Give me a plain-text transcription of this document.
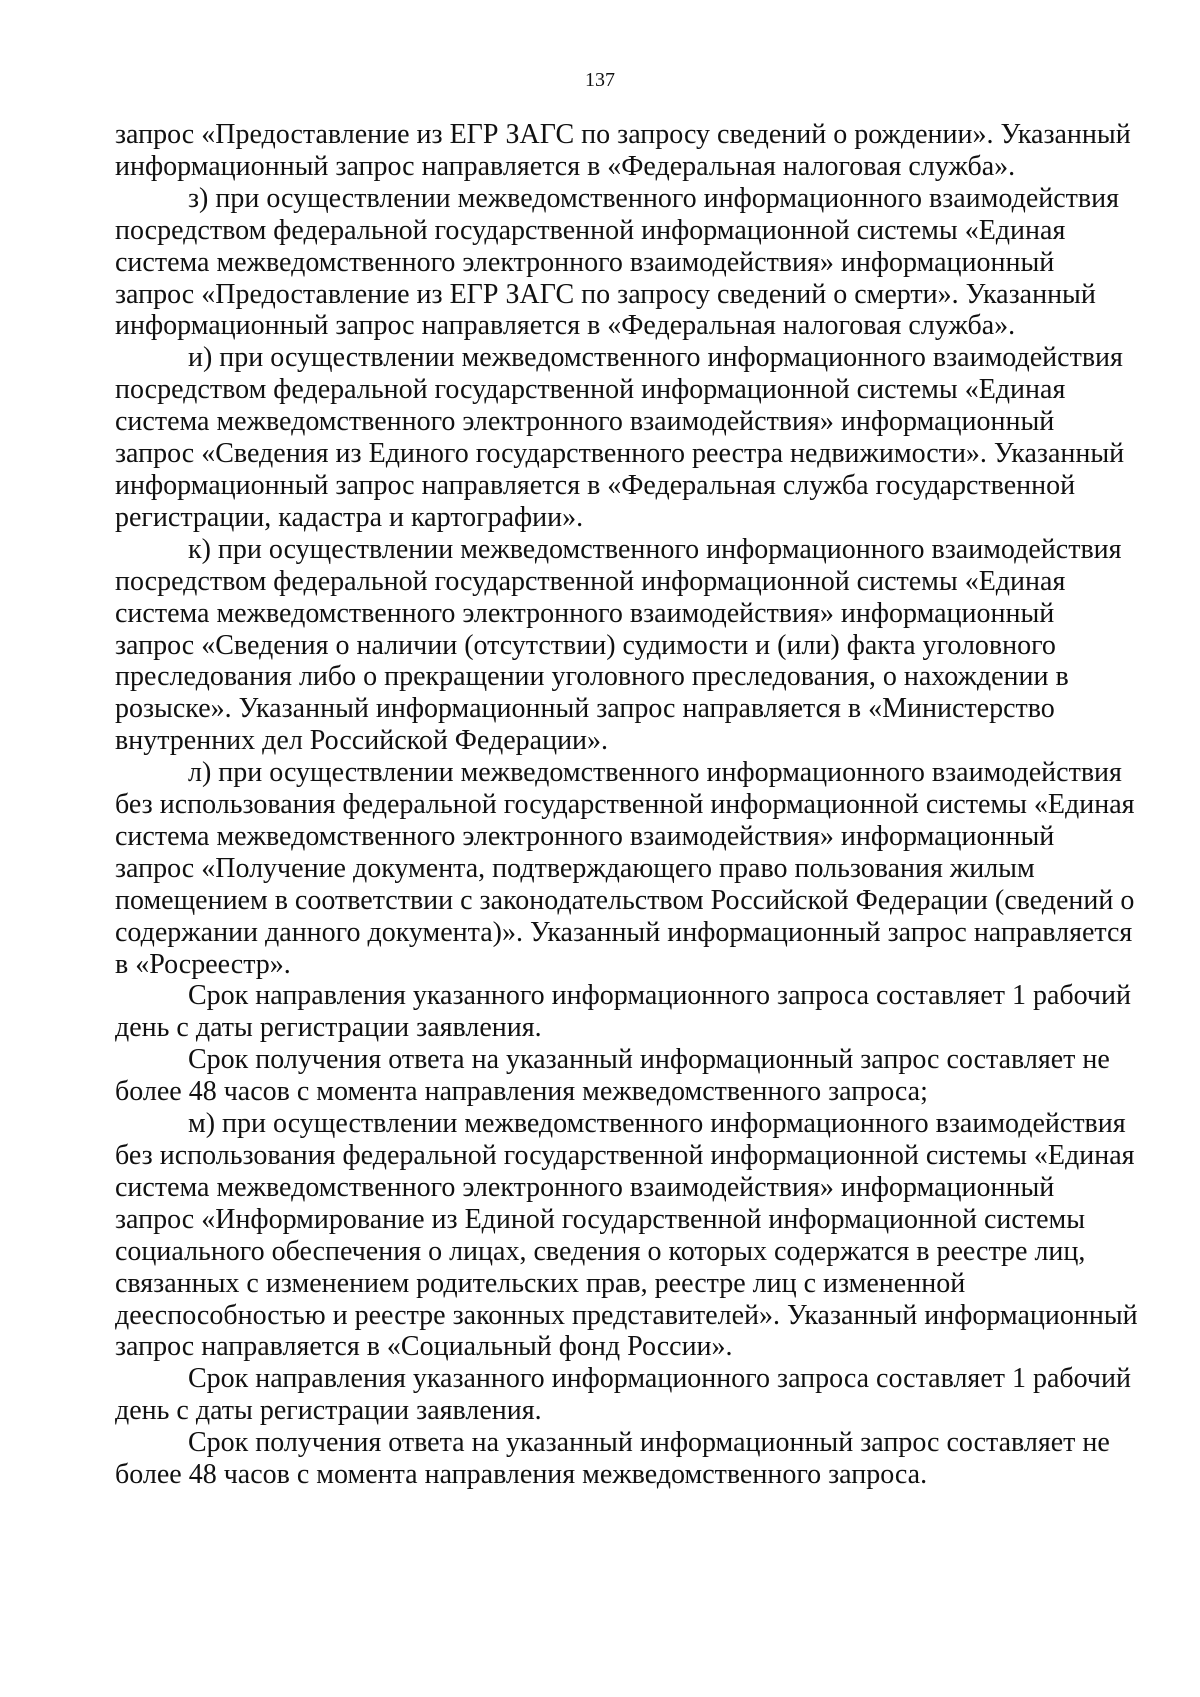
137

запрос «Предоставление из ЕГР ЗАГС по запросу сведений о рождении». Указанный
информационный запрос направляется в «Федеральная налоговая служба».

з) при осуществлении межведомственного информационного взаимодействия
посредством федеральной государственной информационной системы «Единая
система межведомственного электронного взаимодействия» информационный
запрос «Предоставление из ЕГР ЗАГС по запросу сведений о смерти». Указанный
информационный запрос направляется в «Федеральная налоговая служба».

и) при осуществлении межведомственного информационного взаимодействия
посредством федеральной государственной информационной системы «Единая
система межведомственного электронного взаимодействия» информационный
запрос «Сведения из Единого государственного реестра недвижимости». Указанный
информационный запрос направляется в «Федеральная служба государственной
регистрации, кадастра и картографии».

к) при осуществлении межведомственного информационного взаимодействия
посредством федеральной государственной информационной системы «Единая
система межведомственного электронного взаимодействия» информационный
запрос «Сведения о наличии (отсутствии) судимости и (или) факта уголовного
преследования либо о прекращении уголовного преследования, о нахождении в
розыске». Указанный информационный запрос направляется в «Министерство
внутренних дел Российской Федерации».

л) при осуществлении межведомственного информационного взаимодействия
без использования федеральной государственной информационной системы «Единая
система межведомственного электронного взаимодействия» информационный
запрос «Получение документа, подтверждающего право пользования жилым
помещением в соответствии с законодательством Российской Федерации (сведений о
содержании данного документа)». Указанный информационный запрос направляется
в «Росреестр».

Срок направления указанного информационного запроса составляет 1 рабочий
день с даты регистрации заявления.

Срок получения ответа на указанный информационный запрос составляет не
более 48 часов с момента направления межведомственного запроса;

м) при осуществлении межведомственного информационного взаимодействия
без использования федеральной государственной информационной системы «Единая
система межведомственного электронного взаимодействия» информационный
запрос «Информирование из Единой государственной информационной системы
социального обеспечения о лицах, сведения о которых содержатся в реестре лиц,
связанных с изменением родительских прав, реестре лиц с измененной
дееспособностью и реестре законных представителей». Указанный информационный
запрос направляется в «Социальный фонд России».

Срок направления указанного информационного запроса составляет 1 рабочий
день с даты регистрации заявления.

Срок получения ответа на указанный информационный запрос составляет не
более 48 часов с момента направления межведомственного запроса.
